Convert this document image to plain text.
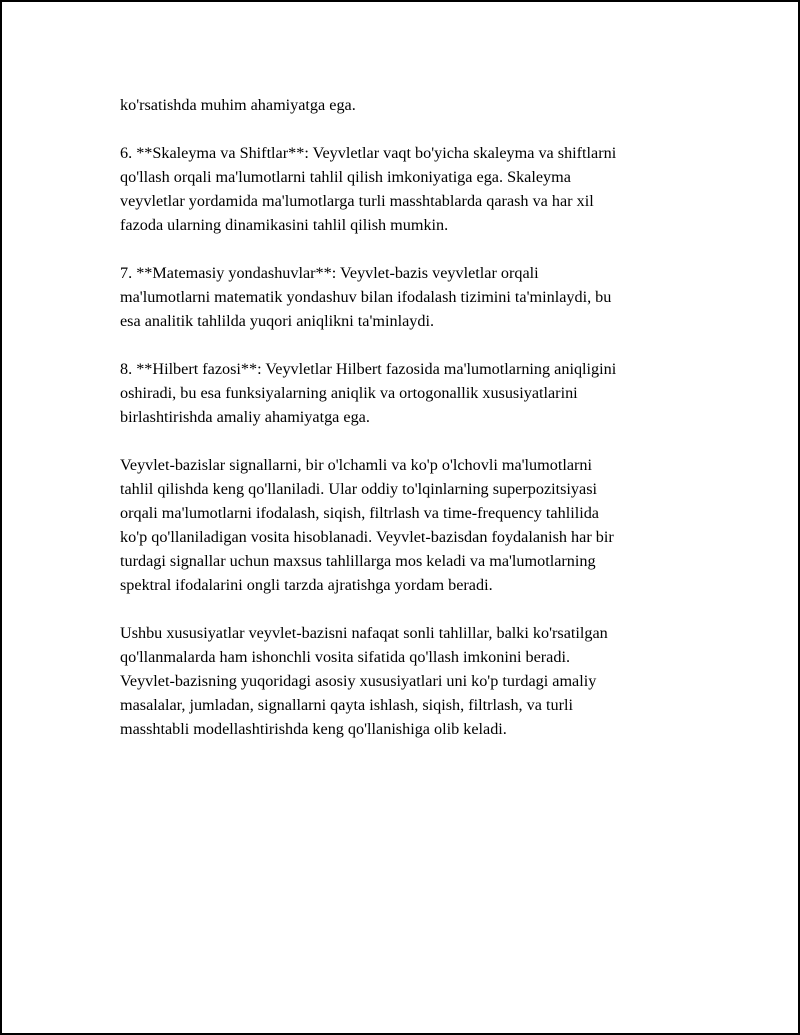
ko'rsatishda muhim ahamiyatga ega.

6. **Skaleyma va Shiftlar**: Veyvletlar vaqt bo'yicha skaleyma va shiftlarni
qo'llash orqali ma'lumotlarni tahlil qilish imkoniyatiga ega. Skaleyma
veyvletlar yordamida ma'lumotlarga turli masshtablarda qarash va har xil
fazoda ularning dinamikasini tahlil qilish mumkin.

7. **Matemasiy yondashuvlar**: Veyvlet-bazis veyvletlar orqali
ma'lumotlarni matematik yondashuv bilan ifodalash tizimini ta'minlaydi, bu
esa analitik tahlilda yuqori aniqlikni ta'minlaydi.

8. **Hilbert fazosi**: Veyvletlar Hilbert fazosida ma'lumotlarning aniqligini
oshiradi, bu esa funksiyalarning aniqlik va ortogonallik xususiyatlarini
birlashtirishda amaliy ahamiyatga ega.

Veyvlet-bazislar signallarni, bir o'lchamli va ko'p o'lchovli ma'lumotlarni
tahlil qilishda keng qo'llaniladi. Ular oddiy to'lqinlarning superpozitsiyasi
orqali ma'lumotlarni ifodalash, siqish, filtrlash va time-frequency tahlilida
ko'p qo'llaniladigan vosita hisoblanadi. Veyvlet-bazisdan foydalanish har bir
turdagi signallar uchun maxsus tahlillarga mos keladi va ma'lumotlarning
spektral ifodalarini ongli tarzda ajratishga yordam beradi.

Ushbu xususiyatlar veyvlet-bazisni nafaqat sonli tahlillar, balki ko'rsatilgan
qo'llanmalarda ham ishonchli vosita sifatida qo'llash imkonini beradi.
Veyvlet-bazisning yuqoridagi asosiy xususiyatlari uni ko'p turdagi amaliy
masalalar, jumladan, signallarni qayta ishlash, siqish, filtrlash, va turli
masshtabli modellashtirishda keng qo'llanishiga olib keladi.
